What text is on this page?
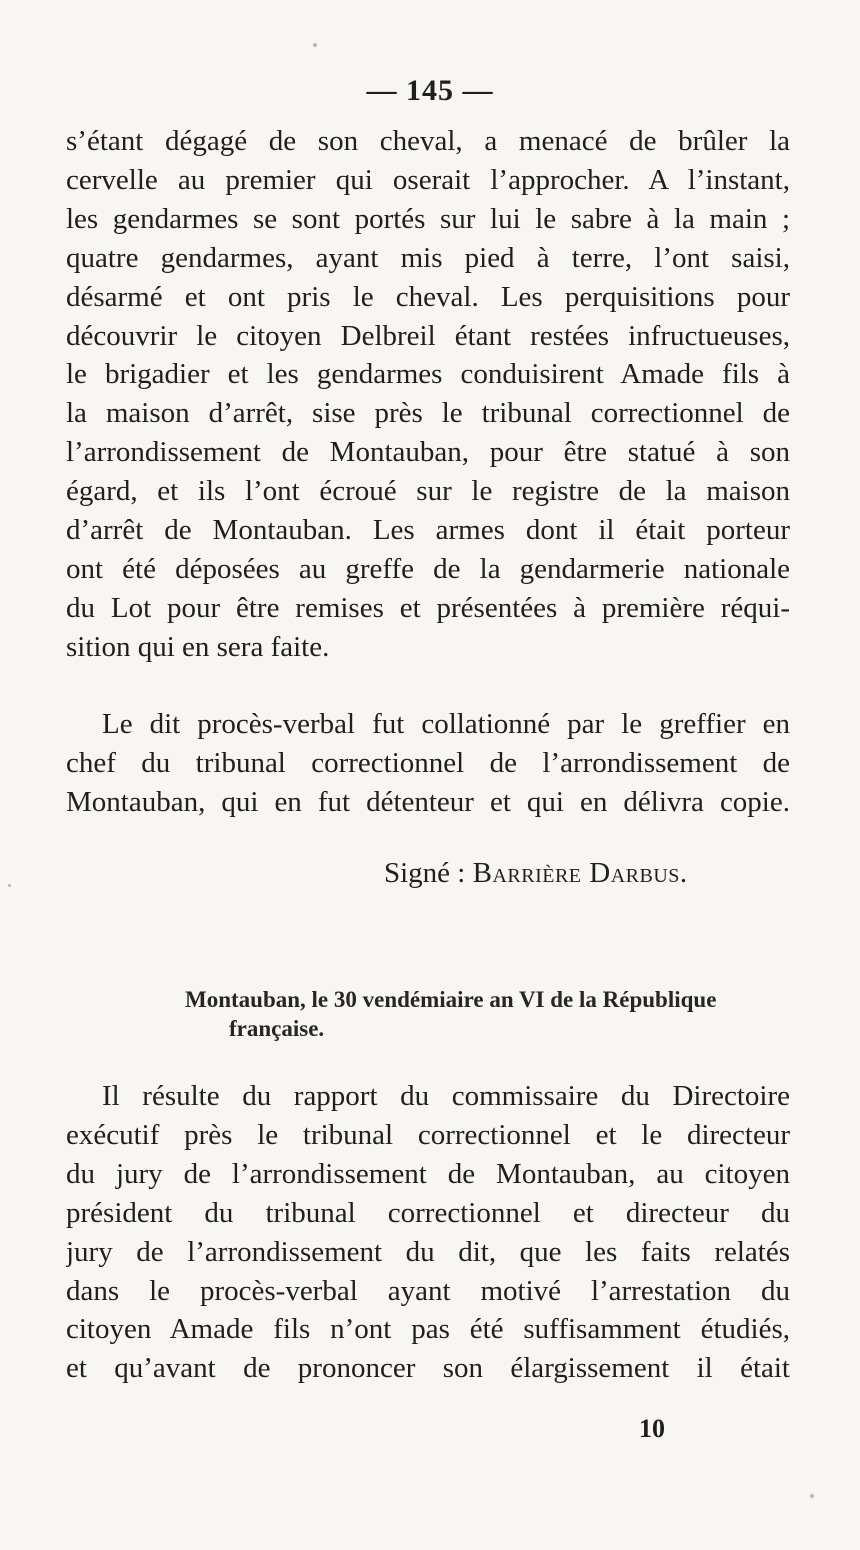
— 145 —
s’étant dégagé de son cheval, a menacé de brûler la
cervelle au premier qui oserait l’approcher. A l’instant,
les gendarmes se sont portés sur lui le sabre à la main ;
quatre gendarmes, ayant mis pied à terre, l’ont saisi,
désarmé et ont pris le cheval. Les perquisitions pour
découvrir le citoyen Delbreil étant restées infructueuses,
le brigadier et les gendarmes conduisirent Amade fils à
la maison d’arrêt, sise près le tribunal correctionnel de
l’arrondissement de Montauban, pour être statué à son
égard, et ils l’ont écroué sur le registre de la maison
d’arrêt de Montauban. Les armes dont il était porteur
ont été déposées au greffe de la gendarmerie nationale
du Lot pour être remises et présentées à première réqui-
sition qui en sera faite.
Le dit procès-verbal fut collationné par le greffier en
chef du tribunal correctionnel de l’arrondissement de
Montauban, qui en fut détenteur et qui en délivra copie.
Signé : Barrière Darbus.
Montauban, le 30 vendémiaire an VI de la République
française.
Il résulte du rapport du commissaire du Directoire
exécutif près le tribunal correctionnel et le directeur
du jury de l’arrondissement de Montauban, au citoyen
président du tribunal correctionnel et directeur du
jury de l’arrondissement du dit, que les faits relatés
dans le procès-verbal ayant motivé l’arrestation du
citoyen Amade fils n’ont pas été suffisamment étudiés,
et qu’avant de prononcer son élargissement il était
10
